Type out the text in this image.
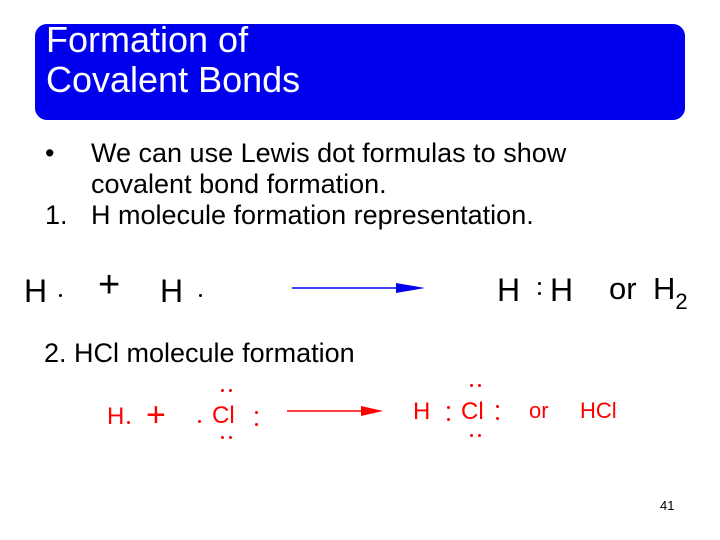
Formation of
Covalent Bonds
• We can use Lewis dot formulas to show
covalent bond formation.
1. H molecule formation representation.
H + H	H H or $H_2$
2. HCl molecule formation
H + Cl	H Cl or HCl
41
